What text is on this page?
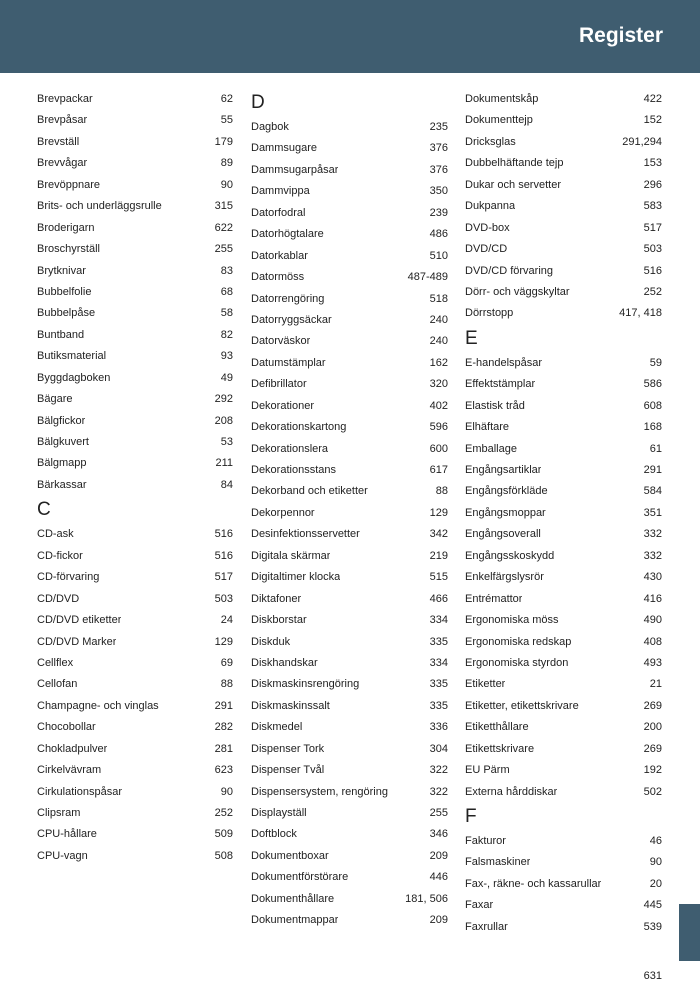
Register
Brevpackar	62
Brevpåsar	55
Brevställ	179
Brevvågar	89
Brevöppnare	90
Brits- och underläggsrulle	315
Broderigarn	622
Broschyrställ	255
Brytknivar	83
Bubbelfolie	68
Bubbelpåse	58
Buntband	82
Butiksmaterial	93
Byggdagboken	49
Bägare	292
Bälgfickor	208
Bälgkuvert	53
Bälgmapp	211
Bärkassar	84
C
CD-ask	516
CD-fickor	516
CD-förvaring	517
CD/DVD	503
CD/DVD etiketter	24
CD/DVD Marker	129
Cellflex	69
Cellofan	88
Champagne- och vinglas	291
Chocobollar	282
Chokladpulver	281
Cirkelvävram	623
Cirkulationspåsar	90
Clipsram	252
CPU-hållare	509
CPU-vagn	508
D
Dagbok	235
Dammsugare	376
Dammsugarpåsar	376
Dammvippa	350
Datorfodral	239
Datorhögtalare	486
Datorkablar	510
Datormöss	487-489
Datorrengöring	518
Datorryggsäckar	240
Datorväskor	240
Datumstämplar	162
Defibrillator	320
Dekorationer	402
Dekorationskartong	596
Dekorationslera	600
Dekorationsstans	617
Dekorband och etiketter	88
Dekorpennor	129
Desinfektionsservetter	342
Digitala skärmar	219
Digitaltimer klocka	515
Diktafoner	466
Diskborstar	334
Diskduk	335
Diskhandskar	334
Diskmaskinsrengöring	335
Diskmaskinssalt	335
Diskmedel	336
Dispenser Tork	304
Dispenser Tvål	322
Dispensersystem, rengöring	322
Displayställ	255
Doftblock	346
Dokumentboxar	209
Dokumentförstörare	446
Dokumenthållare	181, 506
Dokumentmappar	209
Dokumentskåp	422
Dokumenttejp	152
Dricksglas	291,294
Dubbelhäftande tejp	153
Dukar och servetter	296
Dukpanna	583
DVD-box	517
DVD/CD	503
DVD/CD förvaring	516
Dörr- och väggskyltar	252
Dörrstopp	417, 418
E
E-handelspåsar	59
Effektstämplar	586
Elastisk tråd	608
Elhäftare	168
Emballage	61
Engångsartiklar	291
Engångsförkläde	584
Engångsmoppar	351
Engångsoverall	332
Engångsskoskydd	332
Enkelfärgslysrör	430
Entrémattor	416
Ergonomiska möss	490
Ergonomiska redskap	408
Ergonomiska styrdon	493
Etiketter	21
Etiketter, etikettskrivare	269
Etiketthållare	200
Etikettskrivare	269
EU Pärm	192
Externa hårddiskar	502
F
Fakturor	46
Falsmaskiner	90
Fax-, räkne- och kassarullar	20
Faxar	445
Faxrullar	539
631
